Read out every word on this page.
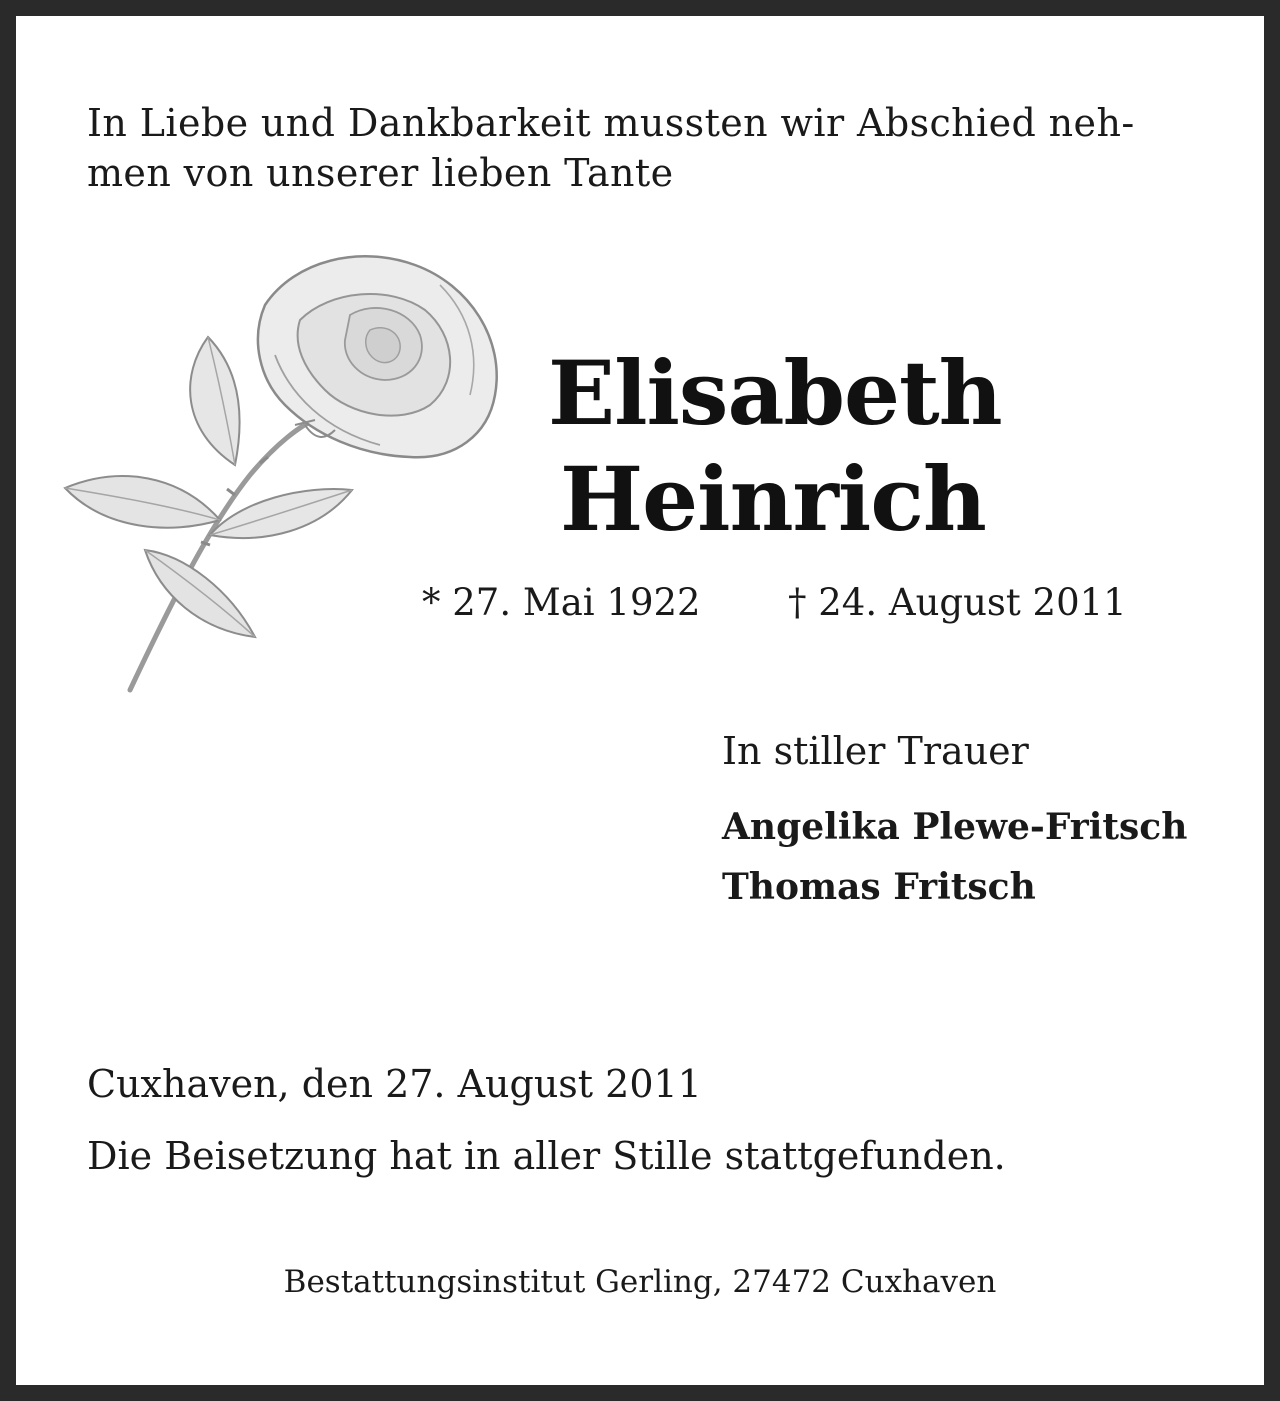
In Liebe und Dankbarkeit mussten wir Abschied neh-
men von unserer lieben Tante
Elisabeth
Heinrich
* 27. Mai 1922 † 24. August 2011
In stiller Trauer
Angelika Plewe-Fritsch
Thomas Fritsch
Cuxhaven, den 27. August 2011
Die Beisetzung hat in aller Stille stattgefunden.
Bestattungsinstitut Gerling, 27472 Cuxhaven
